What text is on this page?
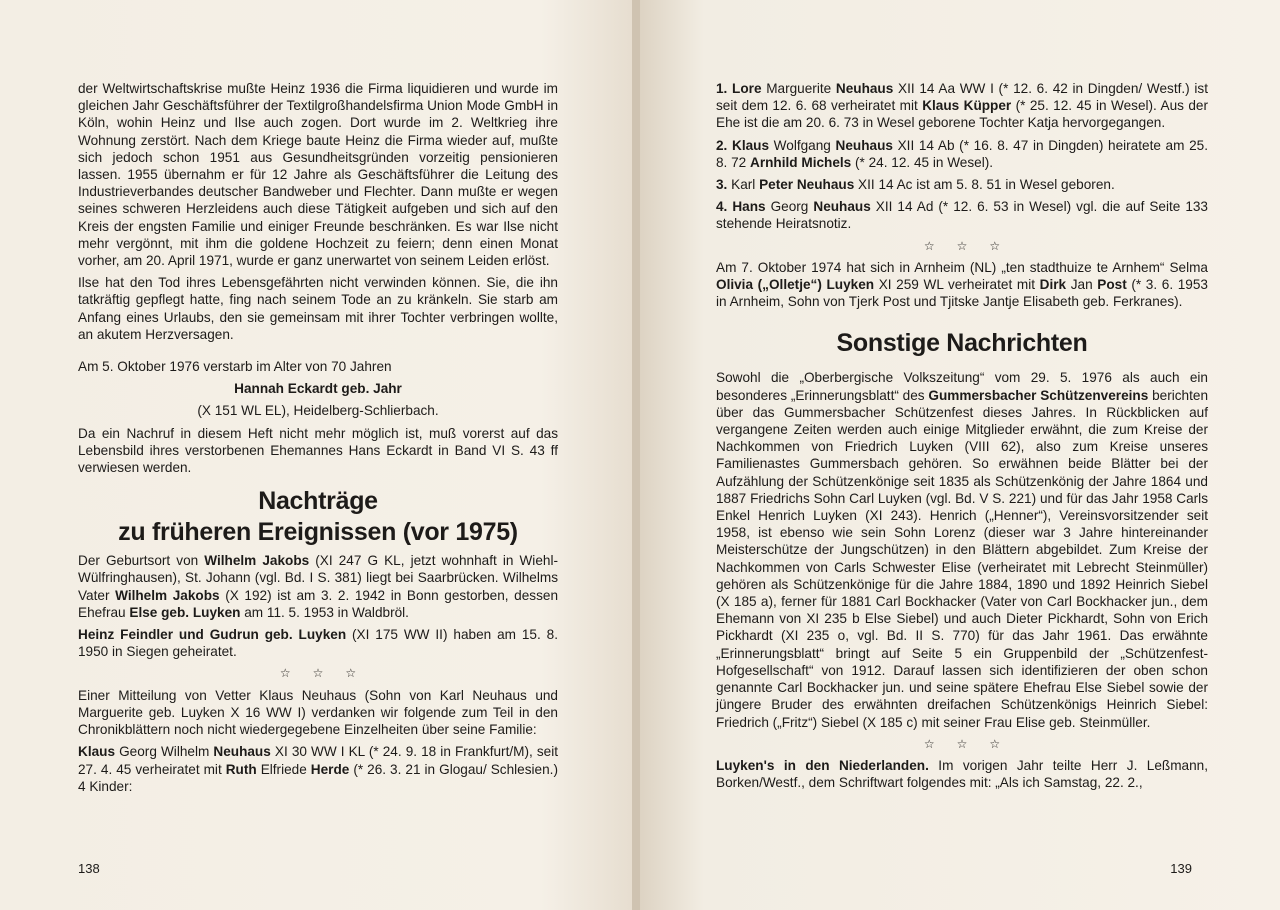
der Weltwirtschaftskrise mußte Heinz 1936 die Firma liquidieren und wurde im gleichen Jahr Geschäftsführer der Textilgroßhandelsfirma Union Mode GmbH in Köln, wohin Heinz und Ilse auch zogen. Dort wurde im 2. Weltkrieg ihre Wohnung zerstört. Nach dem Kriege baute Heinz die Firma wieder auf, mußte sich jedoch schon 1951 aus Gesundheitsgründen vorzeitig pensionieren lassen. 1955 übernahm er für 12 Jahre als Geschäftsführer die Leitung des Industrieverbandes deutscher Bandweber und Flechter. Dann mußte er wegen seines schweren Herzleidens auch diese Tätigkeit aufgeben und sich auf den Kreis der engsten Familie und einiger Freunde beschränken. Es war Ilse nicht mehr vergönnt, mit ihm die goldene Hochzeit zu feiern; denn einen Monat vorher, am 20. April 1971, wurde er ganz unerwartet von seinem Leiden erlöst.

Ilse hat den Tod ihres Lebensgefährten nicht verwinden können. Sie, die ihn tatkräftig gepflegt hatte, fing nach seinem Tode an zu kränkeln. Sie starb am Anfang eines Urlaubs, den sie gemeinsam mit ihrer Tochter verbringen wollte, an akutem Herzversagen.

Am 5. Oktober 1976 verstarb im Alter von 70 Jahren

Hannah Eckardt geb. Jahr

(X 151 WL EL), Heidelberg-Schlierbach.

Da ein Nachruf in diesem Heft nicht mehr möglich ist, muß vorerst auf das Lebensbild ihres verstorbenen Ehemannes Hans Eckardt in Band VI S. 43 ff verwiesen werden.

Nachträge
zu früheren Ereignissen (vor 1975)

Der Geburtsort von Wilhelm Jakobs (XI 247 G KL, jetzt wohnhaft in Wiehl-Wülfringhausen), St. Johann (vgl. Bd. I S. 381) liegt bei Saarbrücken. Wilhelms Vater Wilhelm Jakobs (X 192) ist am 3. 2. 1942 in Bonn gestorben, dessen Ehefrau Else geb. Luyken am 11. 5. 1953 in Waldbröl.

Heinz Feindler und Gudrun geb. Luyken (XI 175 WW II) haben am 15. 8. 1950 in Siegen geheiratet.

☆☆☆

Einer Mitteilung von Vetter Klaus Neuhaus (Sohn von Karl Neuhaus und Marguerite geb. Luyken X 16 WW I) verdanken wir folgende zum Teil in den Chronikblättern noch nicht wiedergegebene Einzelheiten über seine Familie:

Klaus Georg Wilhelm Neuhaus XI 30 WW I KL (* 24. 9. 18 in Frankfurt/M), seit 27. 4. 45 verheiratet mit Ruth Elfriede Herde (* 26. 3. 21 in Glogau/ Schlesien.) 4 Kinder:

138

1. Lore Marguerite Neuhaus XII 14 Aa WW I (* 12. 6. 42 in Dingden/ Westf.) ist seit dem 12. 6. 68 verheiratet mit Klaus Küpper (* 25. 12. 45 in Wesel). Aus der Ehe ist die am 20. 6. 73 in Wesel geborene Tochter Katja hervorgegangen.

2. Klaus Wolfgang Neuhaus XII 14 Ab (* 16. 8. 47 in Dingden) heiratete am 25. 8. 72 Arnhild Michels (* 24. 12. 45 in Wesel).

3. Karl Peter Neuhaus XII 14 Ac ist am 5. 8. 51 in Wesel geboren.

4. Hans Georg Neuhaus XII 14 Ad (* 12. 6. 53 in Wesel) vgl. die auf Seite 133 stehende Heiratsnotiz.

☆☆☆

Am 7. Oktober 1974 hat sich in Arnheim (NL) „ten stadthuize te Arnhem“ Selma Olivia („Olletje“) Luyken XI 259 WL verheiratet mit Dirk Jan Post (* 3. 6. 1953 in Arnheim, Sohn von Tjerk Post und Tjitske Jantje Elisabeth geb. Ferkranes).

Sonstige Nachrichten

Sowohl die „Oberbergische Volkszeitung“ vom 29. 5. 1976 als auch ein besonderes „Erinnerungsblatt“ des Gummersbacher Schützenvereins berichten über das Gummersbacher Schützenfest dieses Jahres. In Rückblicken auf vergangene Zeiten werden auch einige Mitglieder erwähnt, die zum Kreise der Nachkommen von Friedrich Luyken (VIII 62), also zum Kreise unseres Familienastes Gummersbach gehören. So erwähnen beide Blätter bei der Aufzählung der Schützenkönige seit 1835 als Schützenkönig der Jahre 1864 und 1887 Friedrichs Sohn Carl Luyken (vgl. Bd. V S. 221) und für das Jahr 1958 Carls Enkel Henrich Luyken (XI 243). Henrich („Henner“), Vereinsvorsitzender seit 1958, ist ebenso wie sein Sohn Lorenz (dieser war 3 Jahre hintereinander Meisterschütze der Jungschützen) in den Blättern abgebildet. Zum Kreise der Nachkommen von Carls Schwester Elise (verheiratet mit Lebrecht Steinmüller) gehören als Schützenkönige für die Jahre 1884, 1890 und 1892 Heinrich Siebel (X 185 a), ferner für 1881 Carl Bockhacker (Vater von Carl Bockhacker jun., dem Ehemann von XI 235 b Else Siebel) und auch Dieter Pickhardt, Sohn von Erich Pickhardt (XI 235 o, vgl. Bd. II S. 770) für das Jahr 1961. Das erwähnte „Erinnerungsblatt“ bringt auf Seite 5 ein Gruppenbild der „Schützenfest-Hofgesellschaft“ von 1912. Darauf lassen sich identifizieren der oben schon genannte Carl Bockhacker jun. und seine spätere Ehefrau Else Siebel sowie der jüngere Bruder des erwähnten dreifachen Schützenkönigs Heinrich Siebel: Friedrich („Fritz“) Siebel (X 185 c) mit seiner Frau Elise geb. Steinmüller.

☆☆☆

Luyken's in den Niederlanden. Im vorigen Jahr teilte Herr J. Leßmann, Borken/Westf., dem Schriftwart folgendes mit: „Als ich Samstag, 22. 2.,

139
